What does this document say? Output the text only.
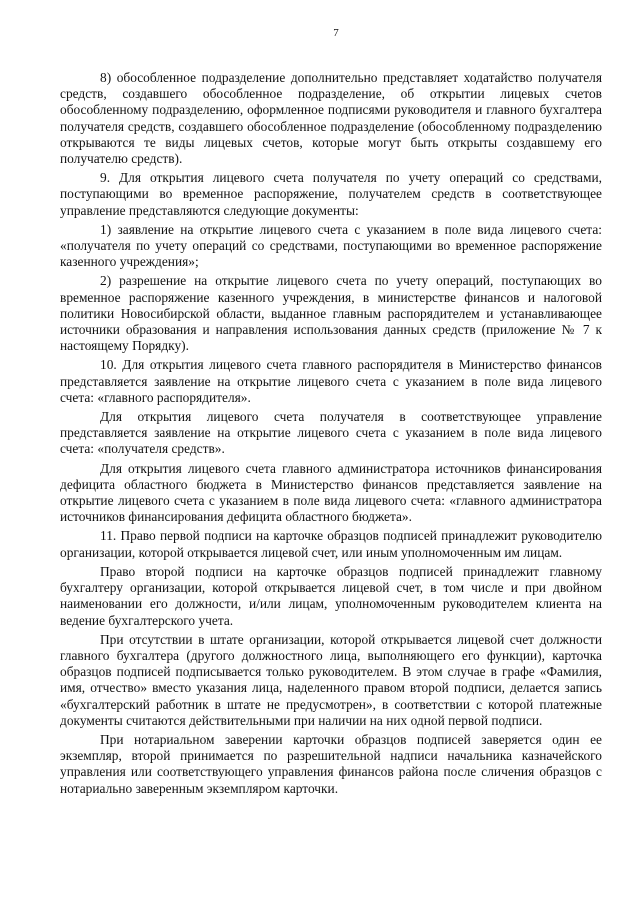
7

8) обособленное подразделение дополнительно представляет ходатайство получателя средств, создавшего обособленное подразделение, об открытии лицевых счетов обособленному подразделению, оформленное подписями руководителя и главного бухгалтера получателя средств, создавшего обособленное подразделение (обособленному подразделению открываются те виды лицевых счетов, которые могут быть открыты создавшему его получателю средств).

9. Для открытия лицевого счета получателя по учету операций со средствами, поступающими во временное распоряжение, получателем средств в соответствующее управление представляются следующие документы:

1) заявление на открытие лицевого счета с указанием в поле вида лицевого счета: «получателя по учету операций со средствами, поступающими во временное распоряжение казенного учреждения»;

2) разрешение на открытие лицевого счета по учету операций, поступающих во временное распоряжение казенного учреждения, в министерстве финансов и налоговой политики Новосибирской области, выданное главным распорядителем и устанавливающее источники образования и направления использования данных средств (приложение № 7 к настоящему Порядку).

10. Для открытия лицевого счета главного распорядителя в Министерство финансов представляется заявление на открытие лицевого счета с указанием в поле вида лицевого счета: «главного распорядителя».

Для открытия лицевого счета получателя в соответствующее управление представляется заявление на открытие лицевого счета с указанием в поле вида лицевого счета: «получателя средств».

Для открытия лицевого счета главного администратора источников финансирования дефицита областного бюджета в Министерство финансов представляется заявление на открытие лицевого счета с указанием в поле вида лицевого счета: «главного администратора источников финансирования дефицита областного бюджета».

11. Право первой подписи на карточке образцов подписей принадлежит руководителю организации, которой открывается лицевой счет, или иным уполномоченным им лицам.

Право второй подписи на карточке образцов подписей принадлежит главному бухгалтеру организации, которой открывается лицевой счет, в том числе и при двойном наименовании его должности, и/или лицам, уполномоченным руководителем клиента на ведение бухгалтерского учета.

При отсутствии в штате организации, которой открывается лицевой счет должности главного бухгалтера (другого должностного лица, выполняющего его функции), карточка образцов подписей подписывается только руководителем. В этом случае в графе «Фамилия, имя, отчество» вместо указания лица, наделенного правом второй подписи, делается запись «бухгалтерский работник в штате не предусмотрен», в соответствии с которой платежные документы считаются действительными при наличии на них одной первой подписи.

При нотариальном заверении карточки образцов подписей заверяется один ее экземпляр, второй принимается по разрешительной надписи начальника казначейского управления или соответствующего управления финансов района после сличения образцов с нотариально заверенным экземпляром карточки.
